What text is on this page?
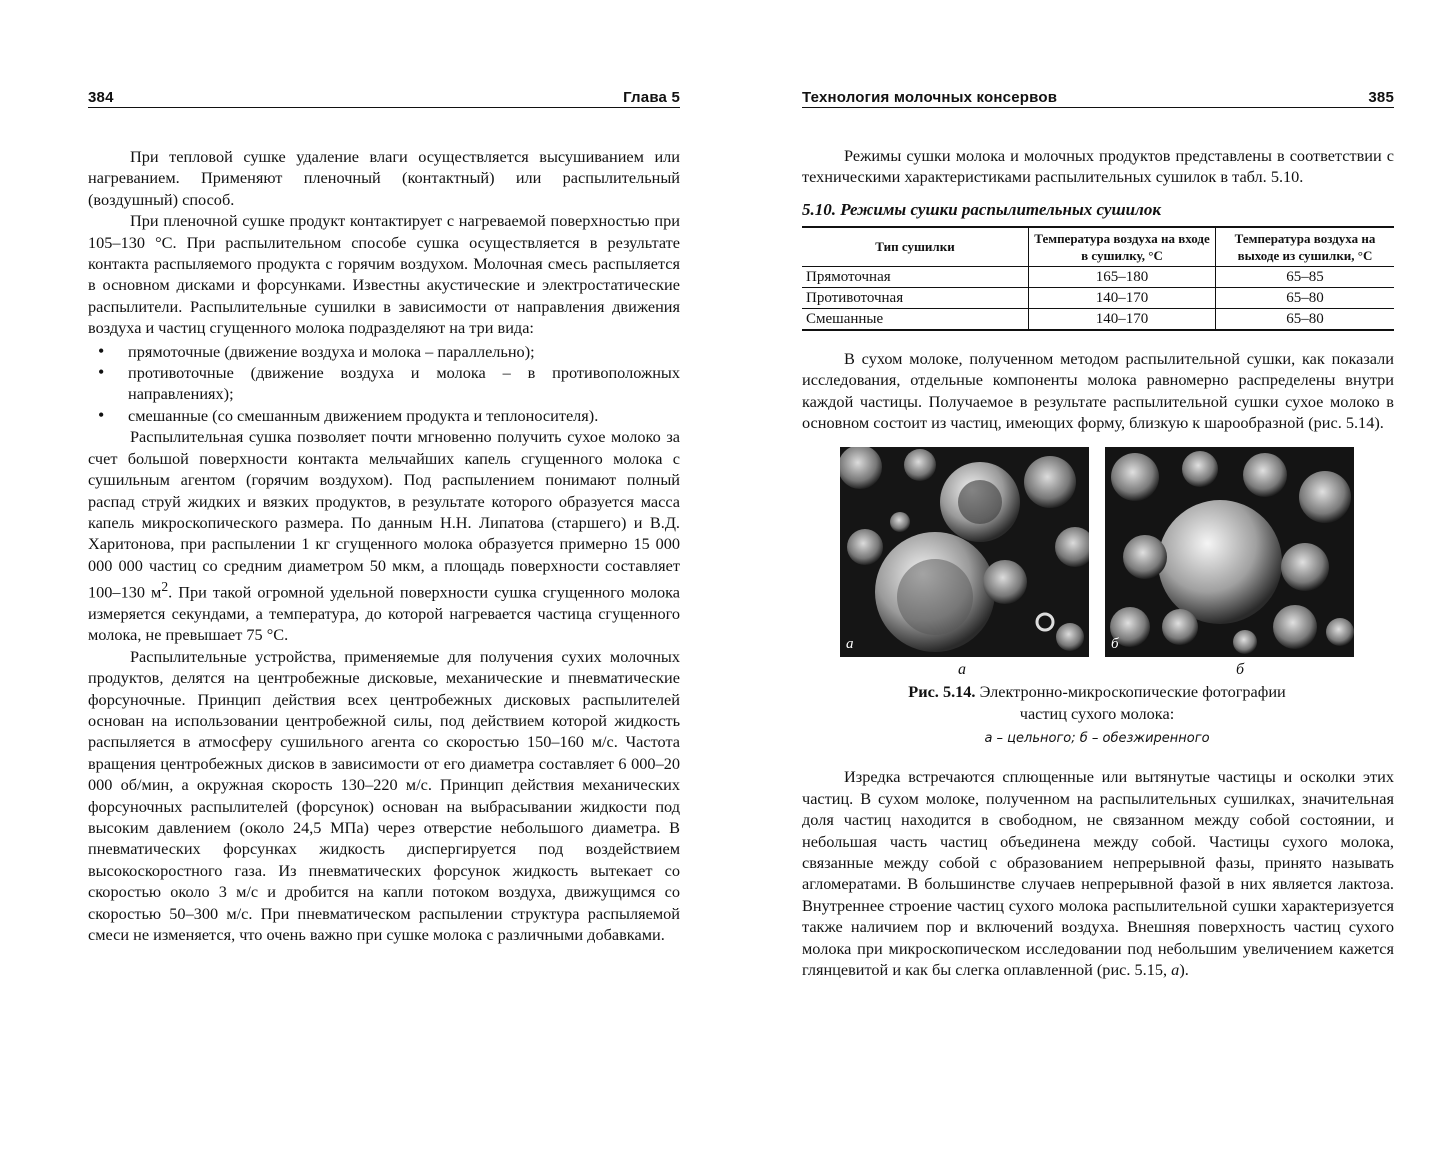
384	Глава 5

При тепловой сушке удаление влаги осуществляется высушиванием или нагреванием. Применяют пленочный (контактный) или распылительный (воздушный) способ.

При пленочной сушке продукт контактирует с нагреваемой поверхностью при 105–130 °С. При распылительном способе сушка осуществляется в результате контакта распыляемого продукта с горячим воздухом. Молочная смесь распыляется в основном дисками и форсунками. Известны акустические и электростатические распылители. Распылительные сушилки в зависимости от направления движения воздуха и частиц сгущенного молока подразделяют на три вида:

• прямоточные (движение воздуха и молока – параллельно);
• противоточные (движение воздуха и молока – в противоположных направлениях);
• смешанные (со смешанным движением продукта и теплоносителя).

Распылительная сушка позволяет почти мгновенно получить сухое молоко за счет большой поверхности контакта мельчайших капель сгущенного молока с сушильным агентом (горячим воздухом). Под распылением понимают полный распад струй жидких и вязких продуктов, в результате которого образуется масса капель микроскопического размера. По данным Н.Н. Липатова (старшего) и В.Д. Харитонова, при распылении 1 кг сгущенного молока образуется примерно 15 000 000 000 частиц со средним диаметром 50 мкм, а площадь поверхности составляет 100–130 $м^2$. При такой огромной удельной поверхности сушка сгущенного молока измеряется секундами, а температура, до которой нагревается частица сгущенного молока, не превышает 75 °С.

Распылительные устройства, применяемые для получения сухих молочных продуктов, делятся на центробежные дисковые, механические и пневматические форсуночные. Принцип действия всех центробежных дисковых распылителей основан на использовании центробежной силы, под действием которой жидкость распыляется в атмосферу сушильного агента со скоростью 150–160 м/с. Частота вращения центробежных дисков в зависимости от его диаметра составляет 6 000–20 000 об/мин, а окружная скорость 130–220 м/с. Принцип действия механических форсуночных распылителей (форсунок) основан на выбрасывании жидкости под высоким давлением (около 24,5 МПа) через отверстие небольшого диаметра. В пневматических форсунках жидкость диспергируется под воздействием высокоскоростного газа. Из пневматических форсунок жидкость вытекает со скоростью около 3 м/с и дробится на капли потоком воздуха, движущимся со скоростью 50–300 м/с. При пневматическом распылении структура распыляемой смеси не изменяется, что очень важно при сушке молока с различными добавками.

Технология молочных консервов	385

Режимы сушки молока и молочных продуктов представлены в соответствии с техническими характеристиками распылительных сушилок в табл. 5.10.

5.10. Режимы сушки распылительных сушилок
Тип сушилки	Температура воздуха на входе в сушилку, °С	Температура воздуха на выходе из сушилки, °С
Прямоточная	165–180	65–85
Противоточная	140–170	65–80
Смешанные	140–170	65–80

В сухом молоке, полученном методом распылительной сушки, как показали исследования, отдельные компоненты молока равномерно распределены внутри каждой частицы. Получаемое в результате распылительной сушки сухое молоко в основном состоит из частиц, имеющих форму, близкую к шарообразной (рис. 5.14).

а	б
а	б
Рис. 5.14. Электронно-микроскопические фотографии
частиц сухого молока:
а – цельного; б – обезжиренного

Изредка встречаются сплющенные или вытянутые частицы и осколки этих частиц. В сухом молоке, полученном на распылительных сушилках, значительная доля частиц находится в свободном, не связанном между собой состоянии, и небольшая часть частиц объединена между собой. Частицы сухого молока, связанные между собой с образованием непрерывной фазы, принято называть агломератами. В большинстве случаев непрерывной фазой в них является лактоза. Внутреннее строение частиц сухого молока распылительной сушки характеризуется также наличием пор и включений воздуха. Внешняя поверхность частиц сухого молока при микроскопическом исследовании под небольшим увеличением кажется глянцевитой и как бы слегка оплавленной (рис. 5.15, а).
